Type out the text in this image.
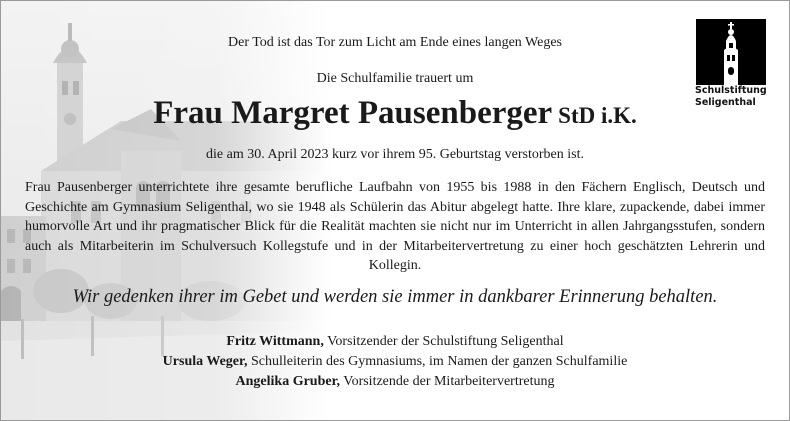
Der Tod ist das Tor zum Licht am Ende eines langen Weges
Die Schulfamilie trauert um
Frau Margret Pausenberger StD i.K.
die am 30. April 2023 kurz vor ihrem 95. Geburtstag verstorben ist.
Frau Pausenberger unterrichtete ihre gesamte berufliche Laufbahn von 1955 bis 1988 in den Fächern Englisch, Deutsch und Geschichte am Gymnasium Seligenthal, wo sie 1948 als Schülerin das Abitur abgelegt hatte. Ihre klare, zupackende, dabei immer humorvolle Art und ihr pragmatischer Blick für die Realität machten sie nicht nur im Unterricht in allen Jahrgangsstufen, sondern auch als Mitarbeiterin im Schulversuch Kollegstufe und in der Mitarbeitervertretung zu einer hoch geschätzten Lehrerin und Kollegin.
Wir gedenken ihrer im Gebet und werden sie immer in dankbarer Erinnerung behalten.
Fritz Wittmann, Vorsitzender der Schulstiftung Seligenthal
Ursula Weger, Schulleiterin des Gymnasiums, im Namen der ganzen Schulfamilie
Angelika Gruber, Vorsitzende der Mitarbeitervertretung
Schulstiftung
Seligenthal
